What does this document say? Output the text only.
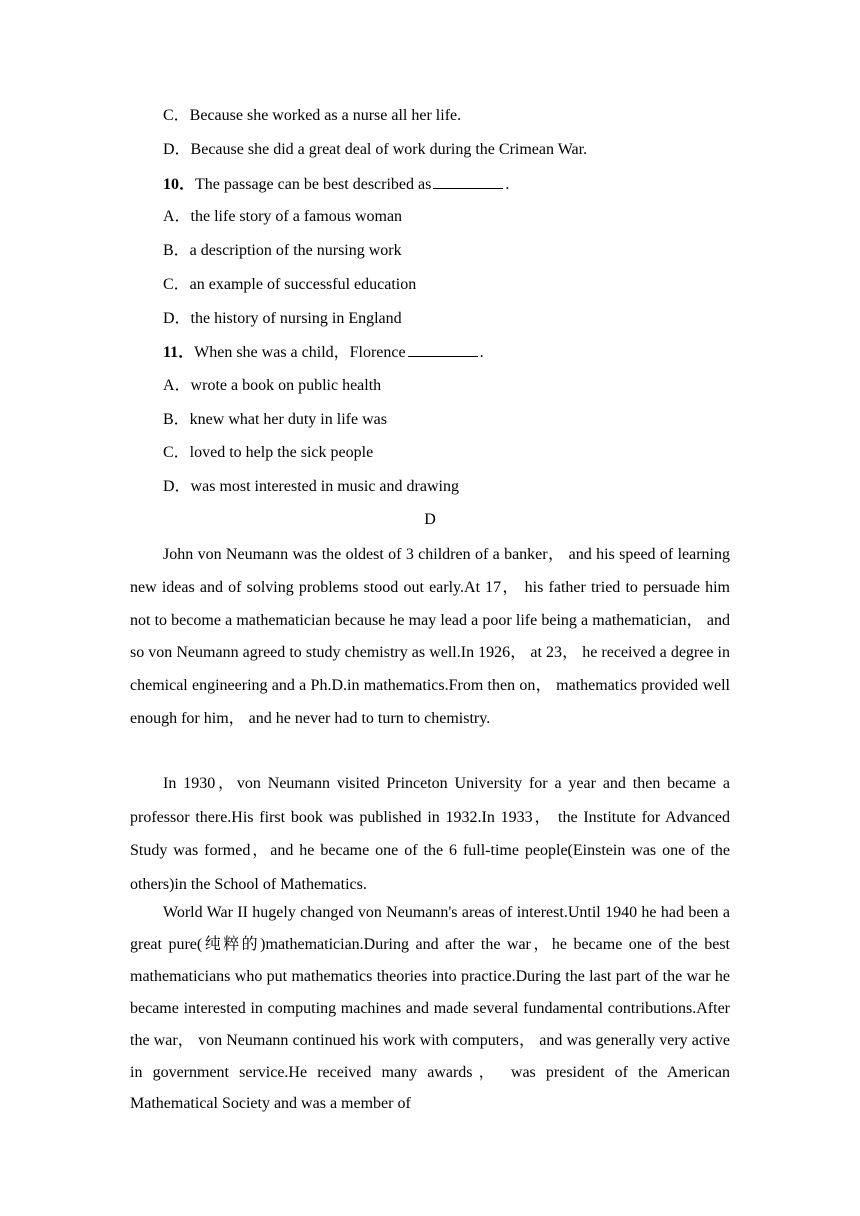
C．Because she worked as a nurse all her life.
D．Because she did a great deal of work during the Crimean War.
10．The passage can be best described as	.
A．the life story of a famous woman
B．a description of the nursing work
C．an example of successful education
D．the history of nursing in England
11．When she was a child，Florence	.
A．wrote a book on public health
B．knew what her duty in life was
C．loved to help the sick people
D．was most interested in music and drawing
D
John von Neumann was the oldest of 3 children of a banker， and his speed of learning new ideas and of solving problems stood out early.At 17， his father tried to persuade him not to become a mathematician because he may lead a poor life being a mathematician， and so von Neumann agreed to study chemistry as well.In 1926， at 23， he received a degree in chemical engineering and a Ph.D.in mathematics.From then on， mathematics provided well enough for him， and he never had to turn to chemistry.
In 1930，von Neumann visited Princeton University for a year and then became a professor there.His first book was published in 1932.In 1933， the Institute for Advanced Study was formed，and he became one of the 6 full-time people(Einstein was one of the others)in the School of Mathematics.
World War II hugely changed von Neumann's areas of interest.Until 1940 he had been a great pure(纯粹的)mathematician.During and after the war，he became one of the best mathematicians who put mathematics theories into practice.During the last part of the war he became interested in computing machines and made several fundamental contributions.After the war， von Neumann continued his work with computers， and was generally very active in government service.He received many awards， was president of the American Mathematical Society and was a member of
